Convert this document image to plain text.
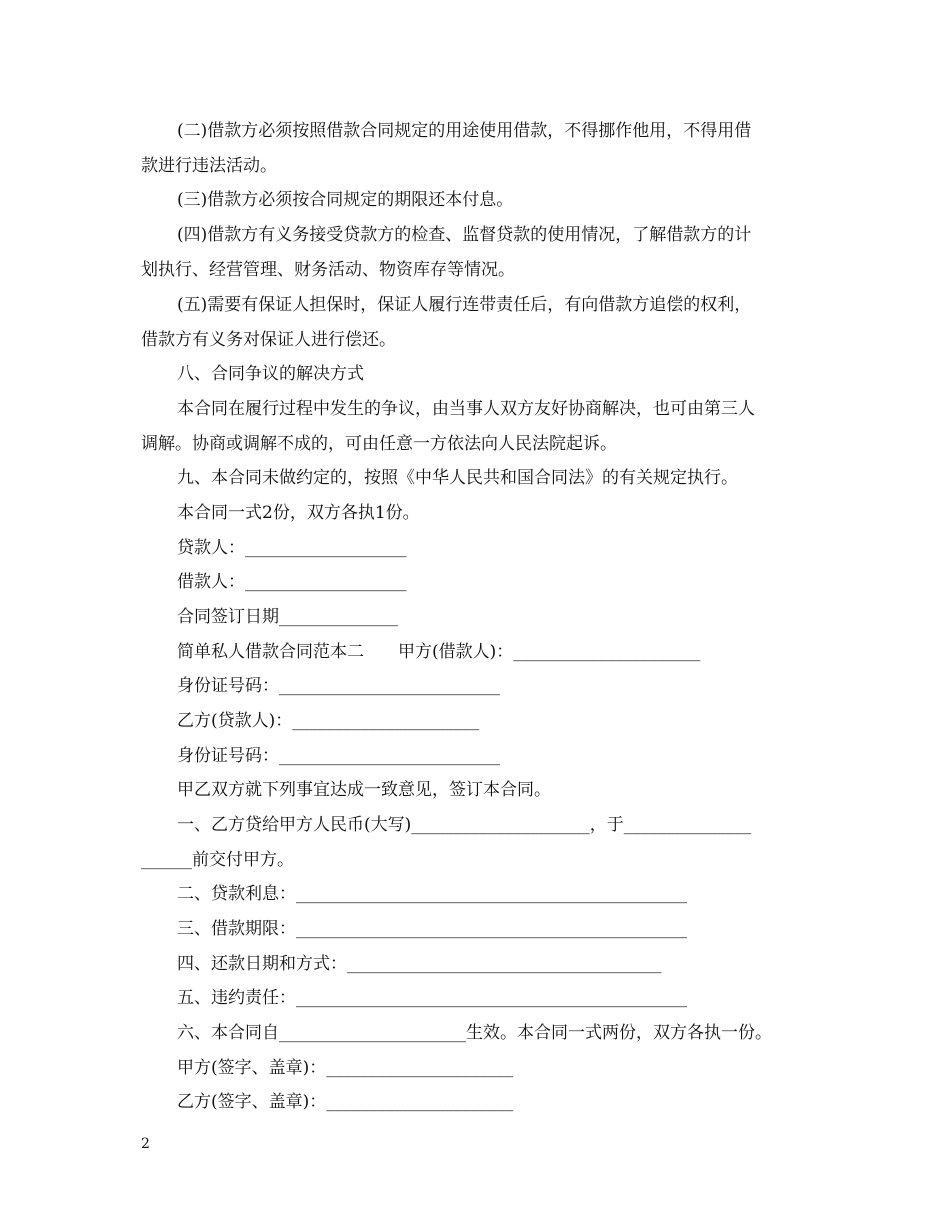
(二)借款方必须按照借款合同规定的用途使用借款，不得挪作他用，不得用借
款进行违法活动。
(三)借款方必须按合同规定的期限还本付息。
(四)借款方有义务接受贷款方的检查、监督贷款的使用情况，了解借款方的计
划执行、经营管理、财务活动、物资库存等情况。
(五)需要有保证人担保时，保证人履行连带责任后，有向借款方追偿的权利，
借款方有义务对保证人进行偿还。
八、合同争议的解决方式
本合同在履行过程中发生的争议，由当事人双方友好协商解决，也可由第三人
调解。协商或调解不成的，可由任意一方依法向人民法院起诉。
九、本合同未做约定的，按照《中华人民共和国合同法》的有关规定执行。
本合同一式2份，双方各执1份。
贷款人：___________________
借款人：___________________
合同签订日期______________
简单私人借款合同范本二　　甲方(借款人)：______________________
身份证号码：__________________________
乙方(贷款人)：______________________
身份证号码：__________________________
甲乙双方就下列事宜达成一致意见，签订本合同。
一、乙方贷给甲方人民币(大写)_____________________，于_______________
______前交付甲方。
二、贷款利息：______________________________________________
三、借款期限：______________________________________________
四、还款日期和方式：_____________________________________
五、违约责任：______________________________________________
六、本合同自______________________生效。本合同一式两份，双方各执一份。
甲方(签字、盖章)：______________________
乙方(签字、盖章)：______________________
2
